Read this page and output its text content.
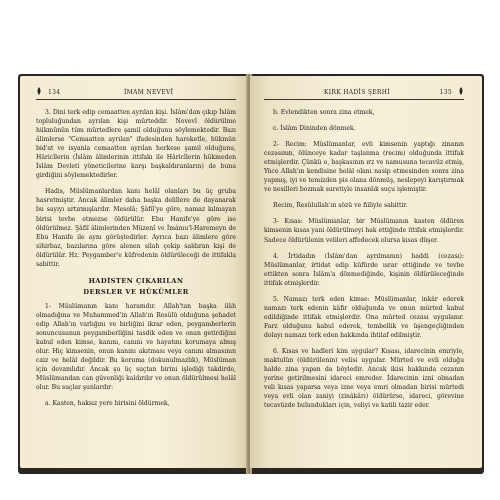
134	İMAM NEVEVÎ

3. Dini terk edip cemaatten ayrılan kişi. İslâm'dan çıkıp İslâm topluluğundan ayrılan kişi mürteddir. Nevevî öldürülme hükmünün tüm mürtedlere şamil olduğunu söylemektedir. Bazı âlimlerse "Cemaatten ayrılan" ifadesinden hareketle, hükmün bid'at ve isyanla cemaatten ayrılan herkese şamil olduğunu, Hâricîlerin (İslâm âlimlerinin ittifakı ile Hâricîlerin hükmeden İslâm Devleti yöneticilerine karşı başkaldıranların) de buna girdiğini söylemektedirler.

Hadis, Müslümanlardan kanı helâl olanları bu üç gruba hasretmiştir. Ancak âlimler daha başka delillere de dayanarak bu sayıyı artırmışlardır. Meselâ; Şâfiî'ye göre, namaz kılmayan birisi tevbe etmezse öldürülür. Ebu Hanife'ye göre ise öldürülmez. Şâfiî âlimlerinden Müzenî ve İmâmu'l-Haremeyn de Ebu Hanife ile aynı görüştedirler. Ayrıca bazı âlimlere göre sihirbaz, bazılarına göre alenen silah çekip saldıran kişi de öldürülür. Hz. Peygamber'e küfredenin öldürüleceği de ittifakla sabittir.

HADİSTEN ÇIKARILAN

DERSLER VE HÜKÜMLER

1- Müslümanın kanı haramdır. Allah'tan başka ilâh olmadığına ve Muhammed'in Allah'ın Resûlü olduğuna şehadet edip Allah'ın varlığını ve birliğini ikrar eden, peygamberlerin sonuncusunun peygamberliğini tasdik eden ve onun getirdiğini kabul eden kimse, kanını, canını ve hayatını korumaya almış olur. Hiç kimsenin, onun kanını akıtması veya canını almasının caiz ve helâl değildir. Bu koruma (dokunulmazlık), Müslüman için devamlıdır. Ancak şu üç suçtan birini işlediği takdirde, Müslümandan can güvenliği kaldırılır ve onun öldürülmesi helâl olur. Bu suçlar şunlardır:

a. Kasten, haksız yere birisini öldürmek,

KIRK HADİS ŞERHİ	135

b. Evlendikten sonra zina etmek,

c. İslâm Dininden dönmek.

2- Recim: Müslümanlar, evli kimsenin yaptığı zinanın cezasının, ölünceye kadar taşlanma (recim) olduğunda ittifak etmişlerdir. Çünkü o, başkasının ırz ve namusuna tecavüz etmiş, Yüce Allah'ın kendisine helâl olanı nasip etmesinden sonra zina yapmış, iyi ve temizden pis olana dönmüş, neslepeyi karıştırmak ve nesilleri bozmak suretiyle insanlık suçu işlemiştir.

Recim, Resûlullah'ın sözü ve fiiliyle sabittir.

3- Kısas: Müslümanlar, bir Müslümanın kasten öldüren kimsenin kısas yani öldürülmeyi hak ettiğinde ittifak etmişlerdir. Sadece öldürülenin velileri affedecek olursa kısas düşer.

4. İrtidadın (İslâm'dan ayrılmanın) haddi (cezası): Müslümanlar, irtidat edip küfürde ısrar ettiğinde ve tevbe ettikten sonra İslâm'a dönmediğinde, kişinin öldürüleceğinde ittifak etmişlerdir.

5. Namazı terk eden kimse: Müslümanlar, inkâr ederek namazı terk edenin kâfir olduğunda ve onun mürted kabul edildiğinde ittifak etmişlerdir. Ona mürted cezası uygulanır. Farz olduğunu kabul ederek, tembellik ve üşengeçliğinden dolayı namazı terk eden hakkında ihtilaf edilmiştir.

6. Kısas ve hadleri kim uygular? Kısası, idarecinin emriyle, maktulün (öldürülenin) velisi uygular. Mürted ve evli olduğu halde zina yapan da böyledir. Ancak ikisi hakkında cezanın yerine getirilmesini idareci emreder. İdarecinin izni olmadan veli kısas yaparsa veya izne veya emri olmadan birisi mürtedi veya evli olan zaniyi (zinâkârı) öldürürse, idareci, görevine tecavüzde bulundukları için, veliyi ve katili tazir eder.
